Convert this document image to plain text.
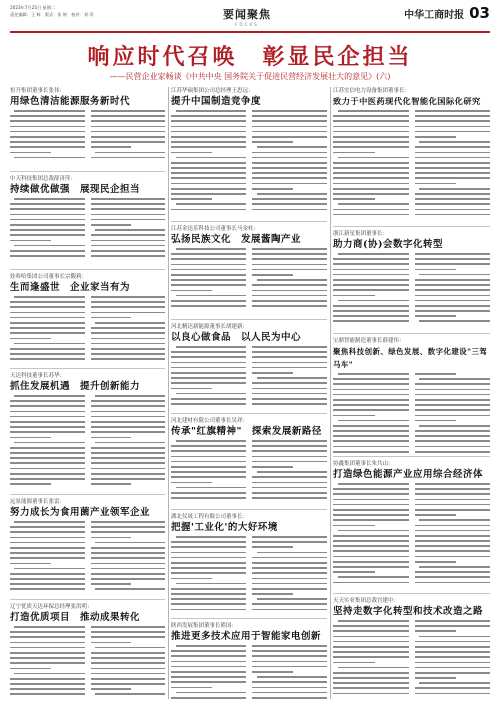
2023年7月25日 星期二
责任编辑：王 辉　版式：张 婷　校对：刘 萍	要闻聚焦
FOCUS
中华工商时报 03
响应时代召唤　彰显民企担当
——民营企业家畅谈《中共中央 国务院关于促进民营经济发展壮大的意见》(六)
恒升集团董事长张伟：
用绿色清洁能源服务新时代
中天科技集团总裁薛济萍：
持续做优做强　展现民企担当
娃哈哈集团公司董事长宗馥莉：
生而逢盛世　企业家当有为
天达科技董事长苏华：
抓住发展机遇　提升创新能力
远景能源董事长张雷：
努力成长为食用菌产业领军企业
辽宁优质天达环保总经理张洪明：
打造优质项目　推动成果转化
江苏华硕集团公司总经理王思远：
提升中国制造竞争度
江苏金达乐科技公司董事长马金柱：
弘扬民族文化　发展酱陶产业
河北精达新能源董事长胡建新：
以良心做食品　以人民为中心
河北建材有限公司董事长吴祥：
传承"红旗精神"　探索发展新路径
湖北仪晟工程有限公司董事长：
把握'工业化'的大好环境
陕西发展集团董事长熊国：
推进更多技术应用于智能家电创新
江苏宏信电力设备集团董事长：
致力于中医药现代化智能化国际化研究
浙江新星集团董事长：
助力商(协)会数字化转型
宝鼎智能制造董事长薛建伟：
聚焦科技创新、绿色发展、数字化建设"三驾马车"
协鑫集团董事长朱共山：
打造绿色能源产业应用综合经济体
天天实业集团总裁宫建中：
坚持走数字化转型和技术改造之路
